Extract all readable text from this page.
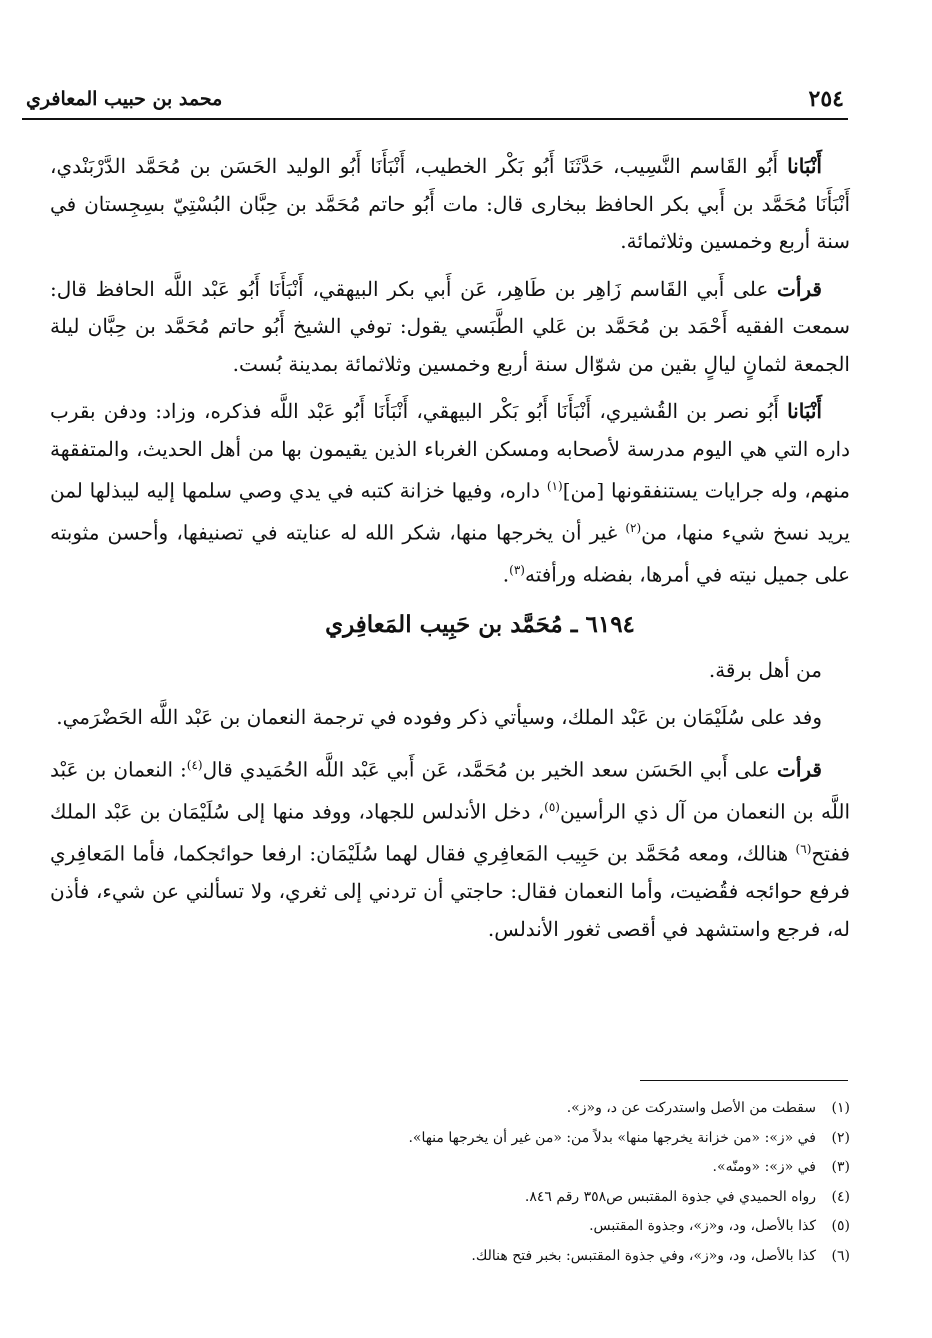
٢٥٤
محمد بن حبيب المعافري

أَنْبَانا أَبُو القَاسم النَّسِيب، حَدَّثَنَا أَبُو بَكْر الخطيب، أَنْبَأَنَا أَبُو الوليد الحَسَن بن مُحَمَّد الدَّرْبَنْدي، أَنْبَأَنَا مُحَمَّد بن أَبي بكر الحافظ ببخارى قال: مات أَبُو حاتم مُحَمَّد بن حِبَّان البُسْتِيّ بسِجِستان في سنة أربع وخمسين وثلاثمائة.

قرأت على أَبي القَاسم زَاهِر بن طَاهِر، عَن أَبي بكر البيهقي، أَنْبَأَنَا أَبُو عَبْد اللَّه الحافظ قال: سمعت الفقيه أَحْمَد بن مُحَمَّد بن عَلي الطَّبَسي يقول: توفي الشيخ أَبُو حاتم مُحَمَّد بن حِبَّان ليلة الجمعة لثمانٍ ليالٍ بقين من شوّال سنة أربع وخمسين وثلاثمائة بمدينة بُست.

أَنْبَانا أَبُو نصر بن القُشيري، أَنْبَأَنَا أَبُو بَكْر البيهقي، أَنْبَأَنَا أَبُو عَبْد اللَّه فذكره، وزاد: ودفن بقرب داره التي هي اليوم مدرسة لأصحابه ومسكن الغرباء الذين يقيمون بها من أهل الحديث، والمتفقهة منهم، وله جرايات يستنفقونها [من]$^{(١)}$ داره، وفيها خزانة كتبه في يدي وصي سلمها إليه ليبذلها لمن يريد نسخ شيء منها، من$^{(٢)}$ غير أن يخرجها منها، شكر الله له عنايته في تصنيفها، وأحسن مثوبته على جميل نيته في أمرها، بفضله ورأفته$^{(٣)}$.

٦١٩٤ ـ مُحَمَّد بن حَبِيب المَعافِري

من أهل برقة.

وفد على سُلَيْمَان بن عَبْد الملك، وسيأتي ذكر وفوده في ترجمة النعمان بن عَبْد اللَّه الحَضْرَمي.

قرأت على أَبي الحَسَن سعد الخير بن مُحَمَّد، عَن أَبي عَبْد اللَّه الحُمَيدي قال$^{(٤)}$: النعمان بن عَبْد اللَّه بن النعمان من آل ذي الرأسين$^{(٥)}$، دخل الأندلس للجهاد، ووفد منها إلى سُلَيْمَان بن عَبْد الملك ففتح$^{(٦)}$ هنالك، ومعه مُحَمَّد بن حَبِيب المَعافِري فقال لهما سُلَيْمَان: ارفعا حوائجكما، فأما المَعافِري فرفع حوائجه فقُضيت، وأما النعمان فقال: حاجتي أن تردني إلى ثغري، ولا تسألني عن شيء، فأذن له، فرجع واستشهد في أقصى ثغور الأندلس.

(١)سقطت من الأصل واستدركت عن د، و«ز».
(٢)في «ز»: «من خزانة يخرجها منها» بدلاً من: «من غير أن يخرجها منها».
(٣)في «ز»: «ومنّه».
(٤)رواه الحميدي في جذوة المقتبس ص٣٥٨ رقم ٨٤٦.
(٥)كذا بالأصل، ود، و«ز»، وجذوة المقتبس.
(٦)كذا بالأصل، ود، و«ز»، وفي جذوة المقتبس: بخبر فتح هنالك.
